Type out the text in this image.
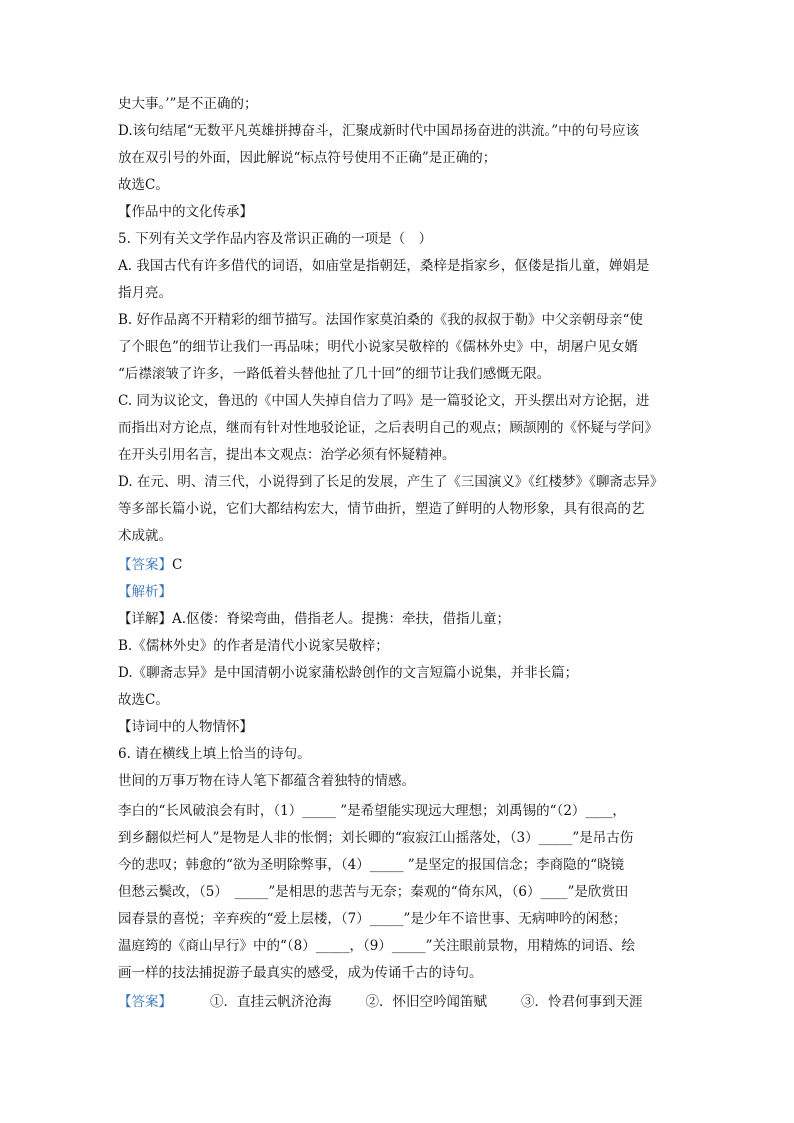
史大事。’”是不正确的；
D.该句结尾“无数平凡英雄拼搏奋斗，汇聚成新时代中国昂扬奋进的洪流。”中的句号应该
放在双引号的外面，因此解说“标点符号使用不正确”是正确的；
故选C。
【作品中的文化传承】
5. 下列有关文学作品内容及常识正确的一项是（　）
A. 我国古代有许多借代的词语，如庙堂是指朝廷，桑梓是指家乡，伛偻是指儿童，婵娟是
指月亮。
B. 好作品离不开精彩的细节描写。法国作家莫泊桑的《我的叔叔于勒》中父亲朝母亲“使
了个眼色”的细节让我们一再品味；明代小说家吴敬梓的《儒林外史》中，胡屠户见女婿
“后襟滚皱了许多，一路低着头替他扯了几十回”的细节让我们感慨无限。
C. 同为议论文，鲁迅的《中国人失掉自信力了吗》是一篇驳论文，开头摆出对方论据，进
而指出对方论点，继而有针对性地驳论证，之后表明自己的观点；顾颉刚的《怀疑与学问》
在开头引用名言，提出本文观点：治学必须有怀疑精神。
D. 在元、明、清三代，小说得到了长足的发展，产生了《三国演义》《红楼梦》《聊斋志异》
等多部长篇小说，它们大都结构宏大，情节曲折，塑造了鲜明的人物形象，具有很高的艺
术成就。
【答案】C
【解析】
【详解】A.伛偻：脊梁弯曲，借指老人。提携：牵扶，借指儿童；
B.《儒林外史》的作者是清代小说家吴敬梓；
D.《聊斋志异》是中国清朝小说家蒲松龄创作的文言短篇小说集，并非长篇；
故选C。
【诗词中的人物情怀】
6. 请在横线上填上恰当的诗句。
世间的万事万物在诗人笔下都蕴含着独特的情感。
李白的“长风破浪会有时，（1）_____ ”是希望能实现远大理想；刘禹锡的“（2）____，
到乡翻似烂柯人”是物是人非的怅惘；刘长卿的“寂寂江山摇落处，（3）_____”是吊古伤
今的悲叹；韩愈的“欲为圣明除弊事，（4）_____ ”是坚定的报国信念；李商隐的“晓镜
但愁云鬓改，（5）　_____”是相思的悲苦与无奈；秦观的“倚东风，（6）____”是欣赏田
园春景的喜悦；辛弃疾的“爱上层楼，（7）_____”是少年不谙世事、无病呻吟的闲愁；
温庭筠的《商山早行》中的“（8）_____，（9）_____”关注眼前景物，用精炼的词语、绘
画一样的技法捕捉游子最真实的感受，成为传诵千古的诗句。
【答案】	①．直挂云帆济沧海	②．怀旧空吟闻笛赋	③．怜君何事到天涯
